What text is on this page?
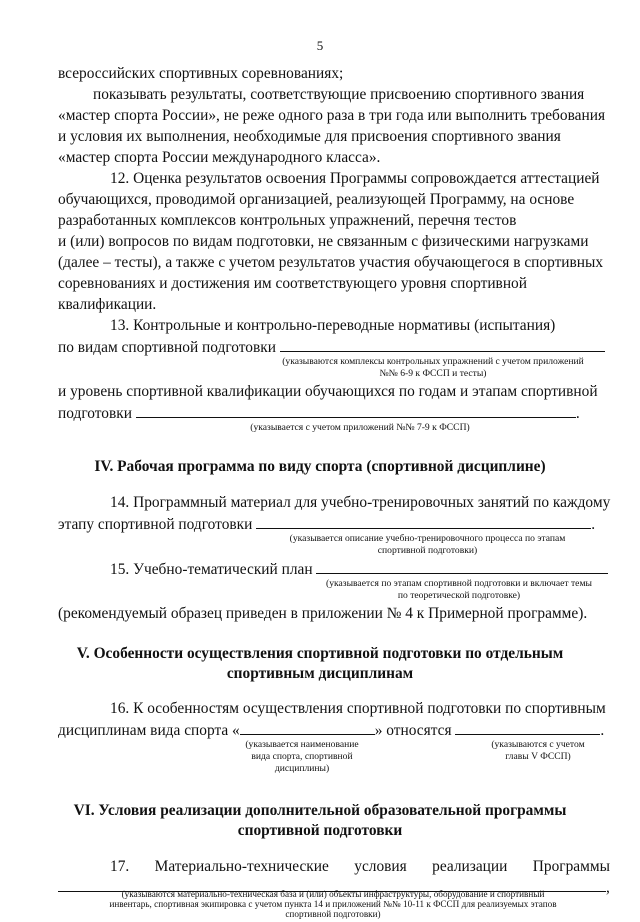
5
всероссийских спортивных соревнованиях;
показывать результаты, соответствующие присвоению спортивного звания
«мастер спорта России», не реже одного раза в три года или выполнить требования
и условия их выполнения, необходимые для присвоения спортивного звания
«мастер спорта России международного класса».
12. Оценка результатов освоения Программы сопровождается аттестацией
обучающихся, проводимой организацией, реализующей Программу, на основе
разработанных комплексов контрольных упражнений, перечня тестов
и (или) вопросов по видам подготовки, не связанным с физическими нагрузками
(далее – тесты), а также с учетом результатов участия обучающегося в спортивных
соревнованиях и достижения им соответствующего уровня спортивной
квалификации.
13. Контрольные и контрольно-переводные нормативы (испытания)
по видам спортивной подготовки
(указываются комплексы контрольных упражнений с учетом приложений
№№ 6-9 к ФССП и тесты)
и уровень спортивной квалификации обучающихся по годам и этапам спортивной
подготовки	.
(указывается с учетом приложений №№ 7-9 к ФССП)
IV. Рабочая программа по виду спорта (спортивной дисциплине)
14. Программный материал для учебно-тренировочных занятий по каждому
этапу спортивной подготовки	.
(указывается описание учебно-тренировочного процесса по этапам
спортивной подготовки)
15. Учебно-тематический план
(указывается по этапам спортивной подготовки и включает темы
по теоретической подготовке)
(рекомендуемый образец приведен в приложении № 4 к Примерной программе).
V. Особенности осуществления спортивной подготовки по отдельным
спортивным дисциплинам
16. К особенностям осуществления спортивной подготовки по спортивным
дисциплинам вида спорта «	» относятся	.
(указывается наименование
вида спорта, спортивной
дисциплины)
(указываются с учетом
главы V ФССП)
VI. Условия реализации дополнительной образовательной программы
спортивной подготовки
17. Материально-технические условия реализации Программы
,
(указываются материально-техническая база и (или) объекты инфраструктуры, оборудование и спортивный
инвентарь, спортивная экипировка с учетом пункта 14 и приложений №№ 10-11 к ФССП для реализуемых этапов
спортивной подготовки)
